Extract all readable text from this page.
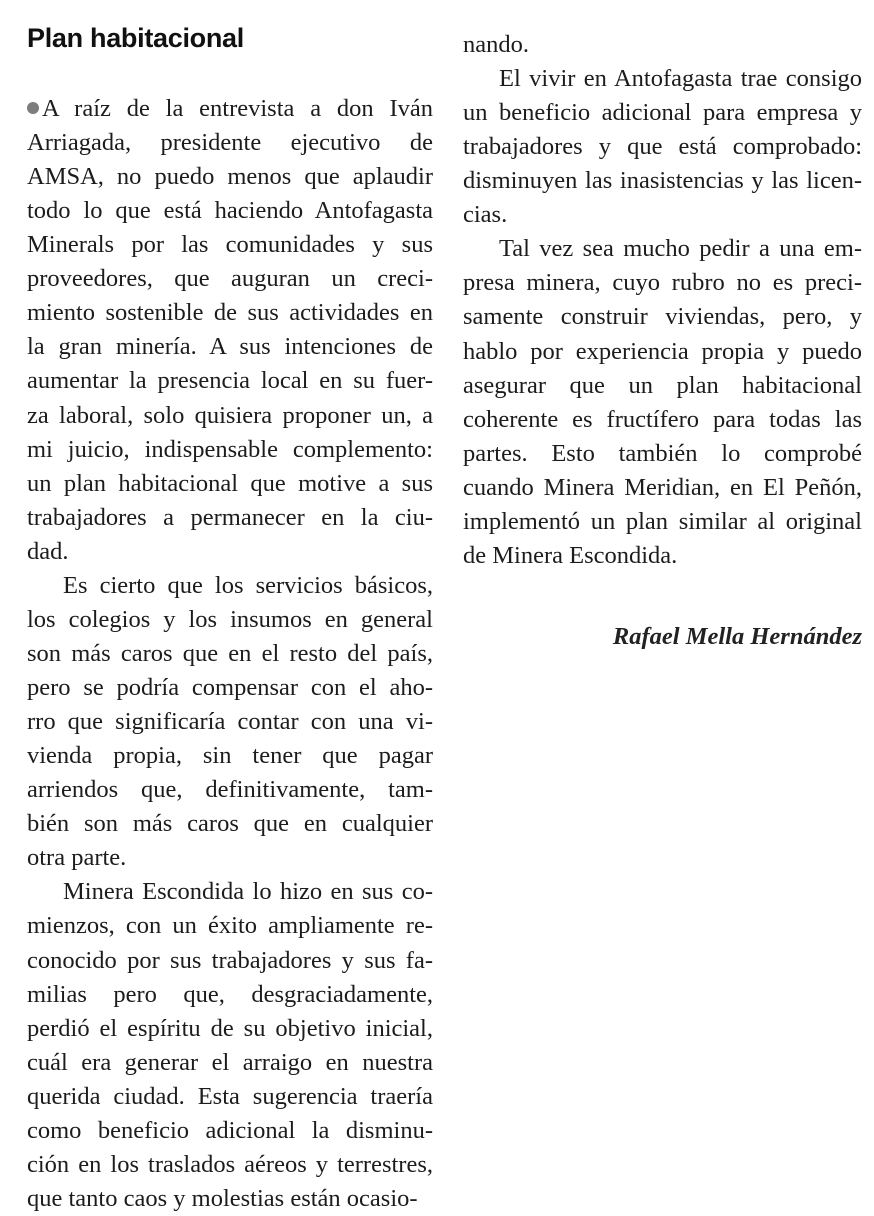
Plan habitacional
A raíz de la entrevista a don Iván
Arriagada, presidente ejecutivo de
AMSA, no puedo menos que aplaudir
todo lo que está haciendo Antofagasta
Minerals por las comunidades y sus
proveedores, que auguran un creci-
miento sostenible de sus actividades en
la gran minería. A sus intenciones de
aumentar la presencia local en su fuer-
za laboral, solo quisiera proponer un, a
mi juicio, indispensable complemento:
un plan habitacional que motive a sus
trabajadores a permanecer en la ciu-
dad.
Es cierto que los servicios básicos,
los colegios y los insumos en general
son más caros que en el resto del país,
pero se podría compensar con el aho-
rro que significaría contar con una vi-
vienda propia, sin tener que pagar
arriendos que, definitivamente, tam-
bién son más caros que en cualquier
otra parte.
Minera Escondida lo hizo en sus co-
mienzos, con un éxito ampliamente re-
conocido por sus trabajadores y sus fa-
milias pero que, desgraciadamente,
perdió el espíritu de su objetivo inicial,
cuál era generar el arraigo en nuestra
querida ciudad. Esta sugerencia traería
como beneficio adicional la disminu-
ción en los traslados aéreos y terrestres,
que tanto caos y molestias están ocasio-
nando.
El vivir en Antofagasta trae consigo
un beneficio adicional para empresa y
trabajadores y que está comprobado:
disminuyen las inasistencias y las licen-
cias.
Tal vez sea mucho pedir a una em-
presa minera, cuyo rubro no es preci-
samente construir viviendas, pero, y
hablo por experiencia propia y puedo
asegurar que un plan habitacional
coherente es fructífero para todas las
partes. Esto también lo comprobé
cuando Minera Meridian, en El Peñón,
implementó un plan similar al original
de Minera Escondida.
Rafael Mella Hernández
